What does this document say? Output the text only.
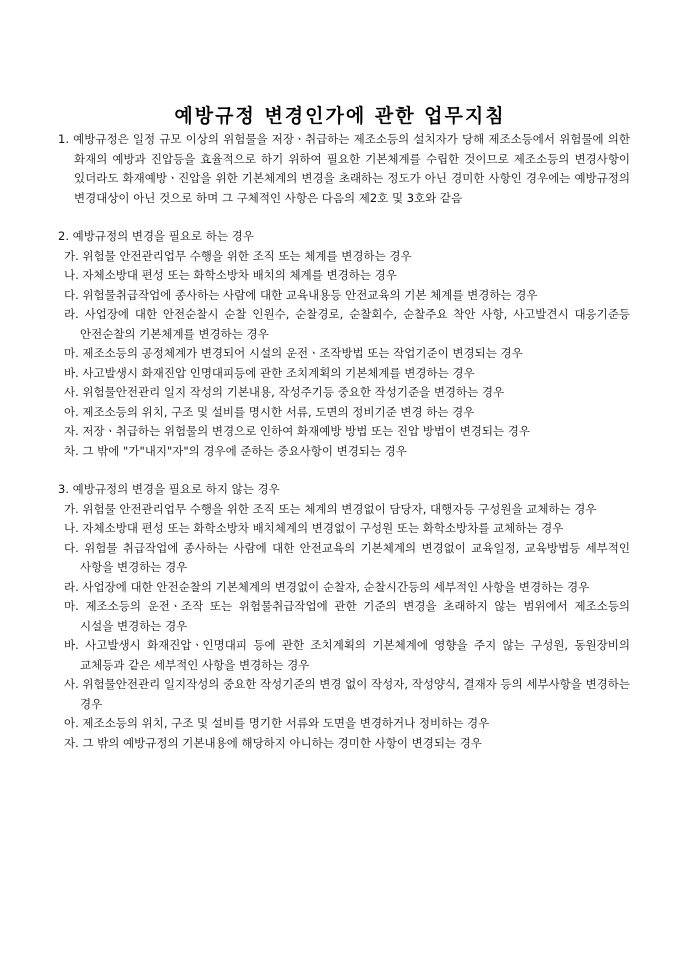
예방규정 변경인가에 관한 업무지침

1. 예방규정은 일정 규모 이상의 위험물을 저장ㆍ취급하는 제조소등의 설치자가 당해 제조소등에서 위험물에 의한 화재의 예방과 진압등을 효율적으로 하기 위하여 필요한 기본체계를 수립한 것이므로 제조소등의 변경사항이 있더라도 화재예방ㆍ진압을 위한 기본체계의 변경을 초래하는 정도가 아닌 경미한 사항인 경우에는 예방규정의 변경대상이 아닌 것으로 하며 그 구체적인 사항은 다음의 제2호 및 3호와 같음

2. 예방규정의 변경을 필요로 하는 경우

가. 위험물 안전관리업무 수행을 위한 조직 또는 체계를 변경하는 경우
나. 자체소방대 편성 또는 화학소방차 배치의 체계를 변경하는 경우
다. 위험물취급작업에 종사하는 사람에 대한 교육내용등 안전교육의 기본 체계를 변경하는 경우
라. 사업장에 대한 안전순찰시 순찰 인원수, 순찰경로, 순찰회수, 순찰주요 착안 사항, 사고발견시 대응기준등 안전순찰의 기본체계를 변경하는 경우
마. 제조소등의 공정체계가 변경되어 시설의 운전ㆍ조작방법 또는 작업기준이 변경되는 경우
바. 사고발생시 화재진압 인명대피등에 관한 조치계획의 기본체계를 변경하는 경우
사. 위험물안전관리 일지 작성의 기본내용, 작성주기등 중요한 작성기준을 변경하는 경우
아. 제조소등의 위치, 구조 및 설비를 명시한 서류, 도면의 정비기준 변경 하는 경우
자. 저장ㆍ취급하는 위험물의 변경으로 인하여 화재예방 방법 또는 진압 방법이 변경되는 경우
차. 그 밖에 "가"내지"자"의 경우에 준하는 중요사항이 변경되는 경우

3. 예방규정의 변경을 필요로 하지 않는 경우

가. 위험물 안전관리업무 수행을 위한 조직 또는 체계의 변경없이 담당자, 대행자등 구성원을 교체하는 경우
나. 자체소방대 편성 또는 화학소방차 배치체계의 변경없이 구성원 또는 화학소방차를 교체하는 경우
다. 위험물 취급작업에 종사하는 사람에 대한 안전교육의 기본체계의 변경없이 교육일정, 교육방법등 세부적인 사항을 변경하는 경우
라. 사업장에 대한 안전순찰의 기본체계의 변경없이 순찰자, 순찰시간등의 세부적인 사항을 변경하는 경우
마. 제조소등의 운전ㆍ조작 또는 위험물취급작업에 관한 기준의 변경을 초래하지 않는 범위에서 제조소등의 시설을 변경하는 경우
바. 사고발생시 화재진압ㆍ인명대피 등에 관한 조치계획의 기본체계에 영향을 주지 않는 구성원, 동원장비의 교체등과 같은 세부적인 사항을 변경하는 경우
사. 위험물안전관리 일지작성의 중요한 작성기준의 변경 없이 작성자, 작성양식, 결재자 등의 세부사항을 변경하는 경우
아. 제조소등의 위치, 구조 및 설비를 명기한 서류와 도면을 변경하거나 정비하는 경우
자. 그 밖의 예방규정의 기본내용에 해당하지 아니하는 경미한 사항이 변경되는 경우
